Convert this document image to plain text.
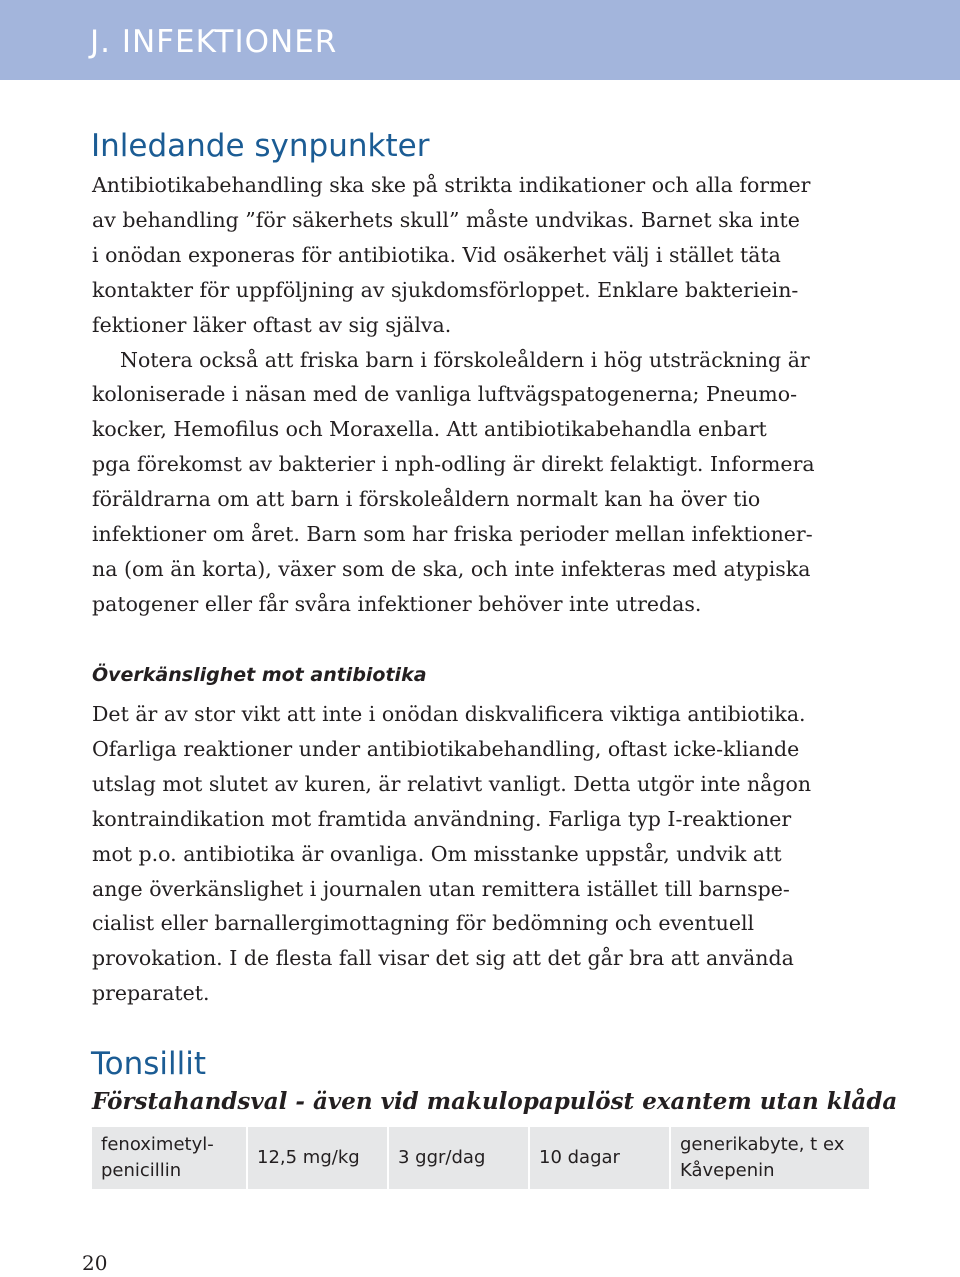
J. INFEKTIONER
Inledande synpunkter
Antibiotikabehandling ska ske på strikta indikationer och alla former
av behandling ”för säkerhets skull” måste undvikas. Barnet ska inte
i onödan exponeras för antibiotika. Vid osäkerhet välj i stället täta
kontakter för uppföljning av sjukdomsförloppet. Enklare bakteriein-
fektioner läker oftast av sig själva.
Notera också att friska barn i förskoleåldern i hög utsträckning är
koloniserade i näsan med de vanliga luftvägspatogenerna; Pneumo-
kocker, Hemofilus och Moraxella. Att antibiotikabehandla enbart
pga förekomst av bakterier i nph-odling är direkt felaktigt. Informera
föräldrarna om att barn i förskoleåldern normalt kan ha över tio
infektioner om året. Barn som har friska perioder mellan infektioner-
na (om än korta), växer som de ska, och inte infekteras med atypiska
patogener eller får svåra infektioner behöver inte utredas.
Överkänslighet mot antibiotika
Det är av stor vikt att inte i onödan diskvalificera viktiga antibiotika.
Ofarliga reaktioner under antibiotikabehandling, oftast icke-kliande
utslag mot slutet av kuren, är relativt vanligt. Detta utgör inte någon
kontraindikation mot framtida användning. Farliga typ I-reaktioner
mot p.o. antibiotika är ovanliga. Om misstanke uppstår, undvik att
ange överkänslighet i journalen utan remittera istället till barnspe-
cialist eller barnallergimottagning för bedömning och eventuell
provokation. I de flesta fall visar det sig att det går bra att använda
preparatet.
Tonsillit
Förstahandsval - även vid makulopapulöst exantem utan klåda
fenoximetyl-
penicillin
12,5 mg/kg	3 ggr/dag	10 dagar
generikabyte, t ex
Kåvepenin
20
